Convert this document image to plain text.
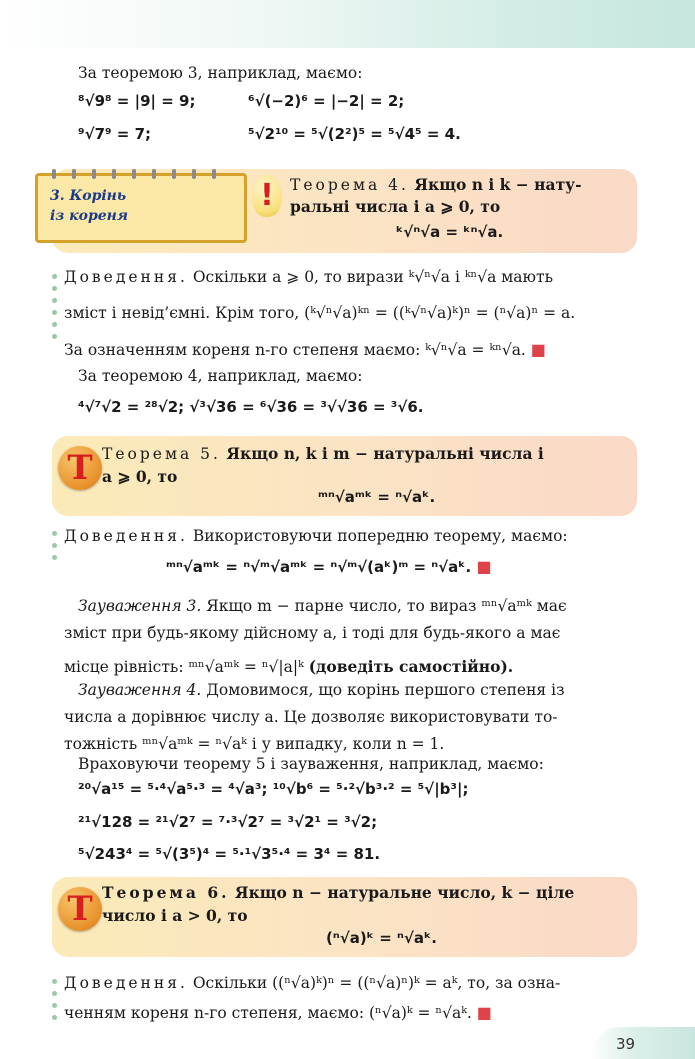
За теоремою 3, наприклад, маємо:
⁸√9⁸ = |9| = 9;	⁶√(−2)⁶ = |−2| = 2;
⁹√7⁹ = 7;	⁵√2¹⁰ = ⁵√(2²)⁵ = ⁵√4⁵ = 4.
!	Теорема 4. Якщо n і k − нату-
ральні числа і a ⩾ 0, то
ᵏ√ⁿ√a = ᵏⁿ√a.
3. Корінь
із кореня
Доведення. Оскільки a ⩾ 0, то вирази ᵏ√ⁿ√a і ᵏⁿ√a мають
зміст і невід’ємні. Крім того, (ᵏ√ⁿ√a)ᵏⁿ = ((ᵏ√ⁿ√a)ᵏ)ⁿ = (ⁿ√a)ⁿ = a.
За означенням кореня n-го степеня маємо: ᵏ√ⁿ√a = ᵏⁿ√a. ■
За теоремою 4, наприклад, маємо:
⁴√⁷√2 = ²⁸√2; √³√36 = ⁶√36 = ³√√36 = ³√6.
T Теорема 5. Якщо n, k і m − натуральні числа і
a ⩾ 0, то
ᵐⁿ√aᵐᵏ = ⁿ√aᵏ.
Доведення. Використовуючи попередню теорему, маємо:
ᵐⁿ√aᵐᵏ = ⁿ√ᵐ√aᵐᵏ = ⁿ√ᵐ√(aᵏ)ᵐ = ⁿ√aᵏ. ■
Зауваження 3. Якщо m − парне число, то вираз ᵐⁿ√aᵐᵏ має
зміст при будь-якому дійсному a, і тоді для будь-якого a має
місце рівність: ᵐⁿ√aᵐᵏ = ⁿ√|a|ᵏ (доведіть самостійно).
Зауваження 4. Домовимося, що корінь першого степеня із
числа a дорівнює числу a. Це дозволяє використовувати то-
тожність ᵐⁿ√aᵐᵏ = ⁿ√aᵏ і у випадку, коли n = 1.
Враховуючи теорему 5 і зауваження, наприклад, маємо:
²⁰√a¹⁵ = ⁵·⁴√a⁵·³ = ⁴√a³; ¹⁰√b⁶ = ⁵·²√b³·² = ⁵√|b³|;
²¹√128 = ²¹√2⁷ = ⁷·³√2⁷ = ³√2¹ = ³√2;
⁵√243⁴ = ⁵√(3⁵)⁴ = ⁵·¹√3⁵·⁴ = 3⁴ = 81.
T Теорема 6. Якщо n − натуральне число, k − ціле
число і a > 0, то
(ⁿ√a)ᵏ = ⁿ√aᵏ.
Доведення. Оскільки ((ⁿ√a)ᵏ)ⁿ = ((ⁿ√a)ⁿ)ᵏ = aᵏ, то, за озна-
ченням кореня n-го степеня, маємо: (ⁿ√a)ᵏ = ⁿ√aᵏ. ■
39
